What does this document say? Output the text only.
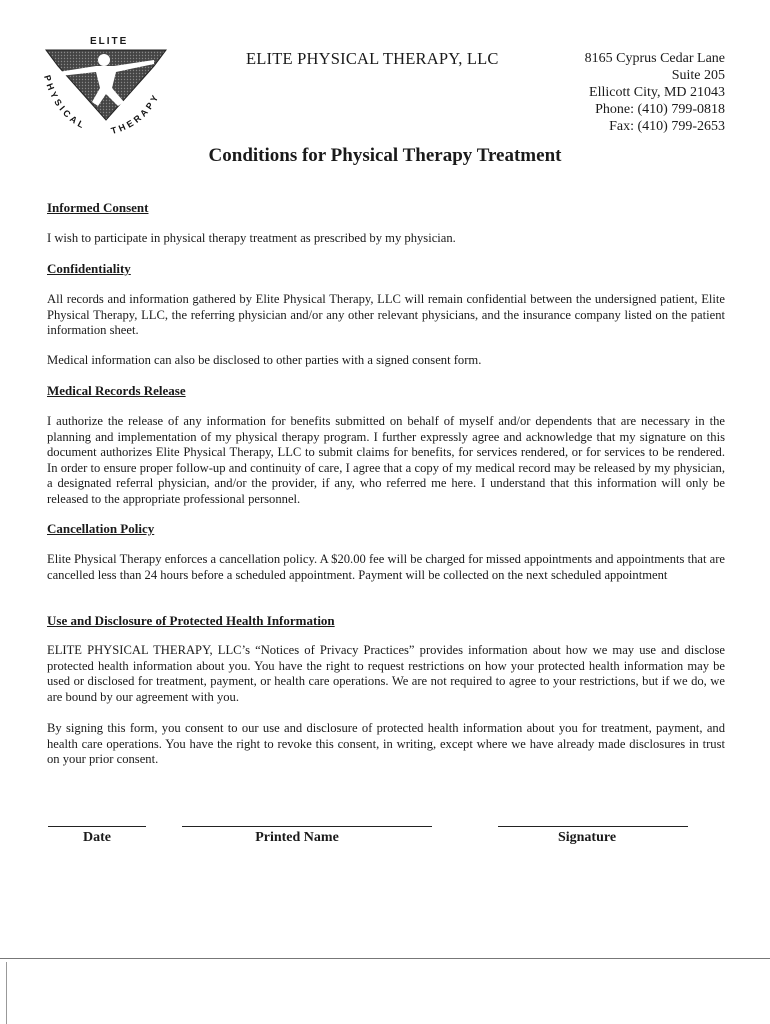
ELITE
PHYSICAL THERAPY
ELITE PHYSICAL THERAPY, LLC	8165 Cyprus Cedar Lane
Suite 205
Ellicott City, MD 21043
Phone: (410) 799-0818
Fax: (410) 799-2653
Conditions for Physical Therapy Treatment
Informed Consent
I wish to participate in physical therapy treatment as prescribed by my physician.
Confidentiality
All records and information gathered by Elite Physical Therapy, LLC will remain confidential between the undersigned patient, Elite Physical Therapy, LLC, the referring physician and/or any other relevant physicians, and the insurance company listed on the patient information sheet.
Medical information can also be disclosed to other parties with a signed consent form.
Medical Records Release
I authorize the release of any information for benefits submitted on behalf of myself and/or dependents that are necessary in the planning and implementation of my physical therapy program. I further expressly agree and acknowledge that my signature on this document authorizes Elite Physical Therapy, LLC to submit claims for benefits, for services rendered, or for services to be rendered. In order to ensure proper follow-up and continuity of care, I agree that a copy of my medical record may be released by my physician, a designated referral physician, and/or the provider, if any, who referred me here. I understand that this information will only be released to the appropriate professional personnel.
Cancellation Policy
Elite Physical Therapy enforces a cancellation policy. A $20.00 fee will be charged for missed appointments and appointments that are cancelled less than 24 hours before a scheduled appointment. Payment will be collected on the next scheduled appointment
Use and Disclosure of Protected Health Information
ELITE PHYSICAL THERAPY, LLC’s “Notices of Privacy Practices” provides information about how we may use and disclose protected health information about you. You have the right to request restrictions on how your protected health information may be used or disclosed for treatment, payment, or health care operations. We are not required to agree to your restrictions, but if we do, we are bound by our agreement with you.
By signing this form, you consent to our use and disclosure of protected health information about you for treatment, payment, and health care operations. You have the right to revoke this consent, in writing, except where we have already made disclosures in trust on your prior consent.
Date	Printed Name	Signature
